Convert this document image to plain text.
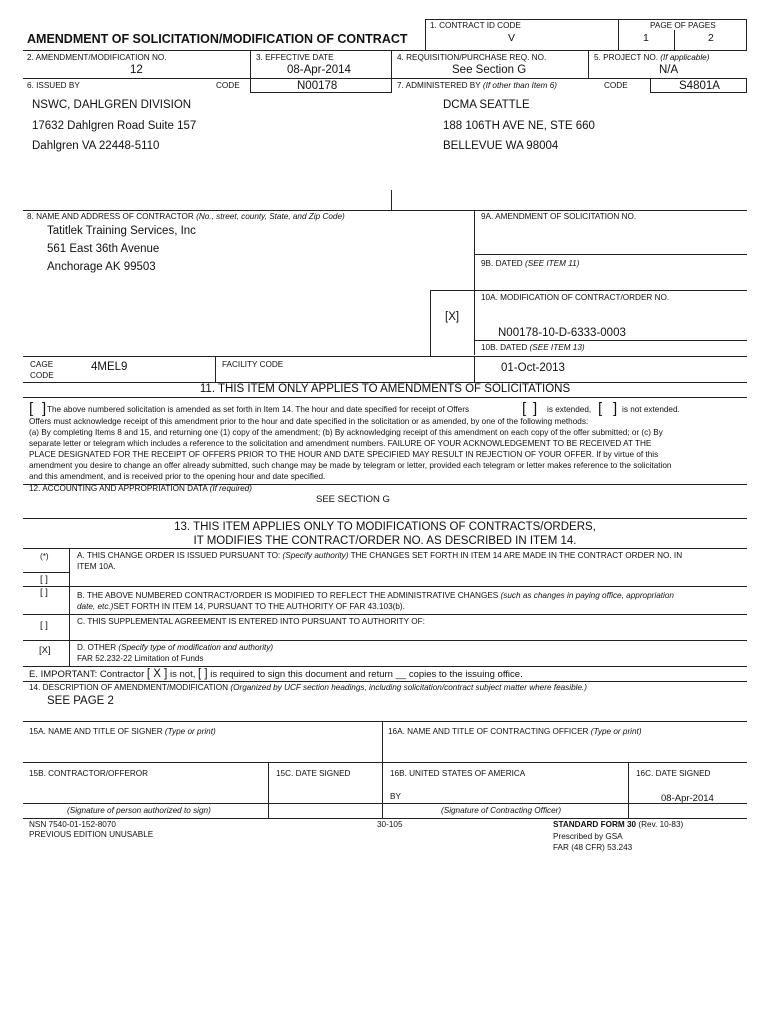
1. CONTRACT ID CODE
V
PAGE OF PAGES
1	2
AMENDMENT OF SOLICITATION/MODIFICATION OF CONTRACT
2. AMENDMENT/MODIFICATION NO.
12
3. EFFECTIVE DATE
08-Apr-2014
4. REQUISITION/PURCHASE REQ. NO.
See Section G
5. PROJECT NO. (If applicable)
N/A
6. ISSUED BY	CODE	N00178	7. ADMINISTERED BY (If other than Item 6)	CODE	S4801A
NSWC, DAHLGREN DIVISION
17632 Dahlgren Road Suite 157
Dahlgren VA 22448-5110
DCMA SEATTLE
188 106TH AVE NE, STE 660
BELLEVUE WA 98004
8. NAME AND ADDRESS OF CONTRACTOR (No., street, county, State, and Zip Code)
Tatitlek Training Services, Inc
561 East 36th Avenue
Anchorage AK 99503
9A. AMENDMENT OF SOLICITATION NO.
9B. DATED (SEE ITEM 11)
10A. MODIFICATION OF CONTRACT/ORDER NO.
[X]
N00178-10-D-6333-0003
10B. DATED (SEE ITEM 13)
01-Oct-2013
CAGE
CODE
4MEL9	FACILITY CODE
11. THIS ITEM ONLY APPLIES TO AMENDMENTS OF SOLICITATIONS
[ ] The above numbered solicitation is amended as set forth in Item 14. The hour and date specified for receipt of Offers	[ ] is extended, [ ] is not extended.
Offers must acknowledge receipt of this amendment prior to the hour and date specified in the solicitation or as amended, by one of the following methods:
(a) By completing Items 8 and 15, and returning one (1) copy of the amendment; (b) By acknowledging receipt of this amendment on each copy of the offer submitted; or (c) By
separate letter or telegram which includes a reference to the solicitation and amendment numbers. FAILURE OF YOUR ACKNOWLEDGEMENT TO BE RECEIVED AT THE
PLACE DESIGNATED FOR THE RECEIPT OF OFFERS PRIOR TO THE HOUR AND DATE SPECIFIED MAY RESULT IN REJECTION OF YOUR OFFER. If by virtue of this
amendment you desire to change an offer already submitted, such change may be made by telegram or letter, provided each telegram or letter makes reference to the solicitation
and this amendment, and is received prior to the opening hour and date specified.
12. ACCOUNTING AND APPROPRIATION DATA (If required)
SEE SECTION G
13. THIS ITEM APPLIES ONLY TO MODIFICATIONS OF CONTRACTS/ORDERS,
IT MODIFIES THE CONTRACT/ORDER NO. AS DESCRIBED IN ITEM 14.
(*)	A. THIS CHANGE ORDER IS ISSUED PURSUANT TO: (Specify authority) THE CHANGES SET FORTH IN ITEM 14 ARE MADE IN THE CONTRACT ORDER NO. IN
ITEM 10A.
[ ]
[ ]	B. THE ABOVE NUMBERED CONTRACT/ORDER IS MODIFIED TO REFLECT THE ADMINISTRATIVE CHANGES (such as changes in paying office, appropriation
date, etc.)SET FORTH IN ITEM 14, PURSUANT TO THE AUTHORITY OF FAR 43.103(b).
[ ]	C. THIS SUPPLEMENTAL AGREEMENT IS ENTERED INTO PURSUANT TO AUTHORITY OF:
[X]	D. OTHER (Specify type of modification and authority)
FAR 52.232-22 Limitation of Funds
E. IMPORTANT: Contractor [ X ] is not, [ ] is required to sign this document and return __ copies to the issuing office.
14. DESCRIPTION OF AMENDMENT/MODIFICATION (Organized by UCF section headings, including solicitation/contract subject matter where feasible.)
SEE PAGE 2
15A. NAME AND TITLE OF SIGNER (Type or print)	16A. NAME AND TITLE OF CONTRACTING OFFICER (Type or print)
15B. CONTRACTOR/OFFEROR	15C. DATE SIGNED	16B. UNITED STATES OF AMERICA	16C. DATE SIGNED
BY	08-Apr-2014
(Signature of person authorized to sign)	(Signature of Contracting Officer)
NSN 7540-01-152-8070
PREVIOUS EDITION UNUSABLE
30-105	STANDARD FORM 30 (Rev. 10-83)
Prescribed by GSA
FAR (48 CFR) 53.243
